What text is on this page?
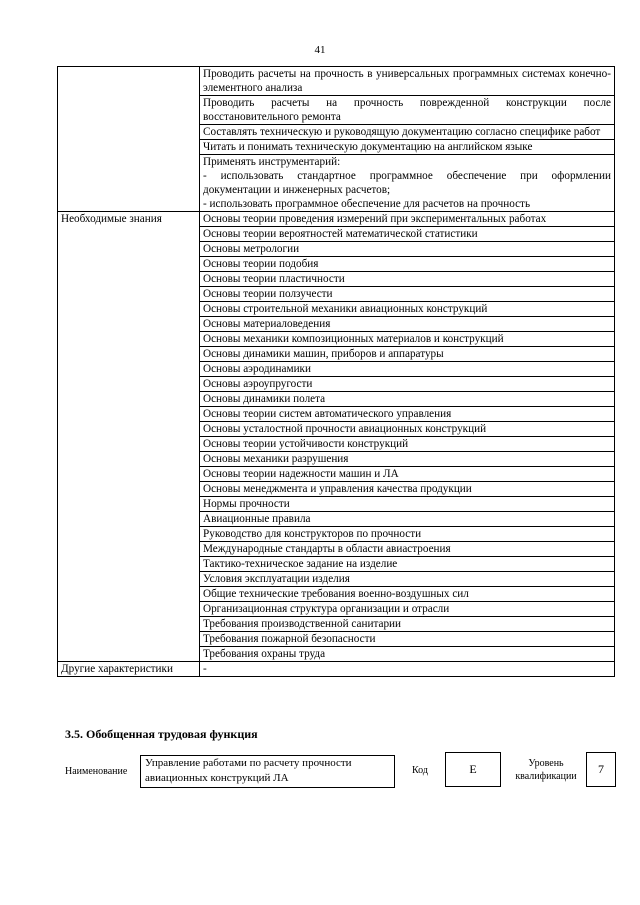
41
	Проводить расчеты на прочность в универсальных программных системах конечно-элементного анализа
	Проводить расчеты на прочность поврежденной конструкции после восстановительного ремонта
	Составлять техническую и руководящую документацию согласно специфике работ
	Читать и понимать техническую документацию на английском языке

	Применять инструментарий:
- использовать стандартное программное обеспечение при оформлении документации и инженерных расчетов;
- использовать программное обеспечение для расчетов на прочность

Необходимые знания	Основы теории проведения измерений при экспериментальных работах
	Основы теории вероятностей математической статистики
	Основы метрологии
	Основы теории подобия
	Основы теории пластичности
	Основы теории ползучести
	Основы строительной механики авиационных конструкций
	Основы материаловедения
	Основы механики композиционных материалов и конструкций
	Основы динамики машин, приборов и аппаратуры
	Основы аэродинамики
	Основы аэроупругости
	Основы динамики полета
	Основы теории систем автоматического управления
	Основы усталостной прочности авиационных конструкций
	Основы теории устойчивости конструкций
	Основы механики разрушения
	Основы теории надежности машин и ЛА
	Основы менеджмента и управления качества продукции
	Нормы прочности
	Авиационные правила
	Руководство для конструкторов по прочности
	Международные стандарты в области авиастроения
	Тактико-техническое задание на изделие
	Условия эксплуатации изделия
	Общие технические требования военно-воздушных сил
	Организационная структура организации и отрасли
	Требования производственной санитарии
	Требования пожарной безопасности
	Требования охраны труда
Другие характеристики	-
3.5. Обобщенная трудовая функция
Наименование
Управление работами по расчету прочности авиационных конструкций ЛА
Код	E	Уровень
квалификации
7
